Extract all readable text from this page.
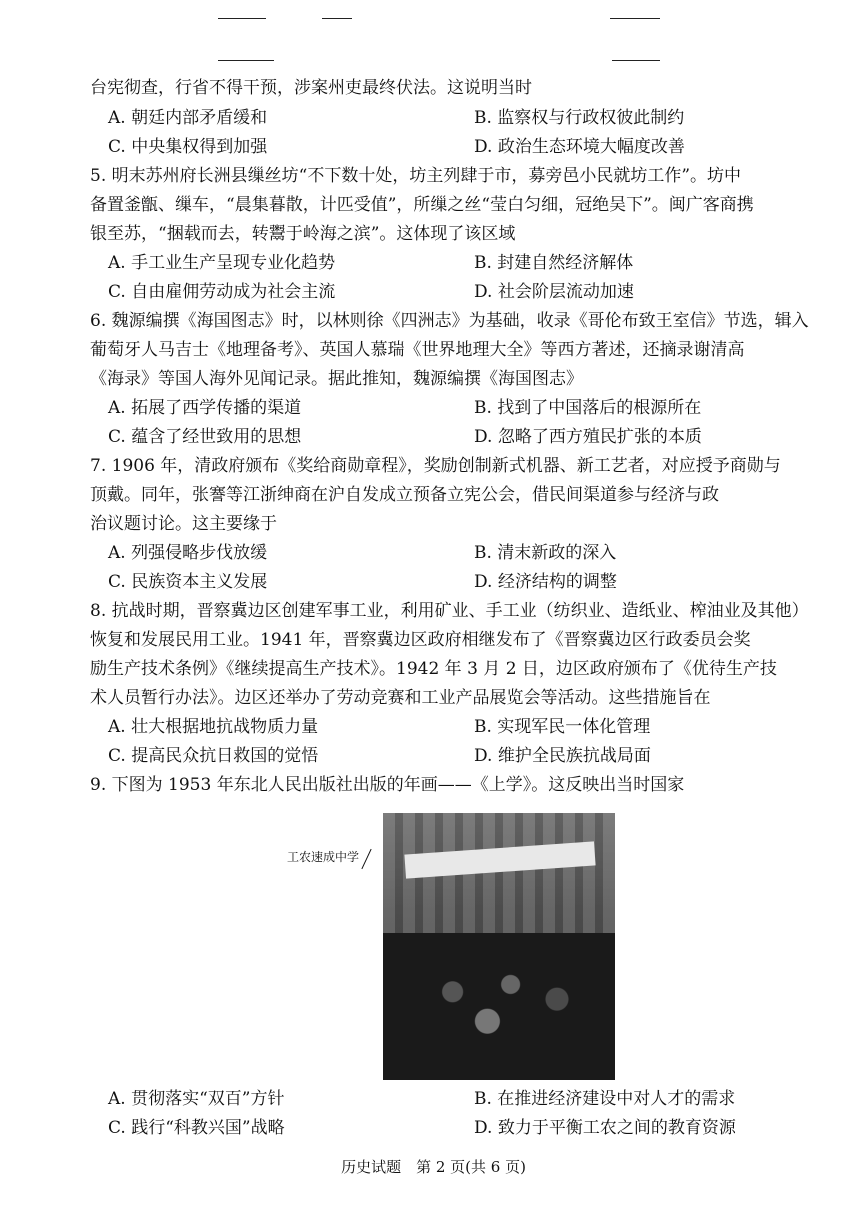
台宪彻查，行省不得干预，涉案州吏最终伏法。这说明当时
A. 朝廷内部矛盾缓和	B. 监察权与行政权彼此制约
C. 中央集权得到加强	D. 政治生态环境大幅度改善
5. 明末苏州府长洲县缫丝坊“不下数十处，坊主列肆于市，募旁邑小民就坊工作”。坊中
备置釜甑、缫车，“晨集暮散，计匹受值”，所缫之丝“莹白匀细，冠绝吴下”。闽广客商携
银至苏，“捆载而去，转鬻于岭海之滨”。这体现了该区域
A. 手工业生产呈现专业化趋势	B. 封建自然经济解体
C. 自由雇佣劳动成为社会主流	D. 社会阶层流动加速
6. 魏源编撰《海国图志》时，以林则徐《四洲志》为基础，收录《哥伦布致王室信》节选，辑入
葡萄牙人马吉士《地理备考》、英国人慕瑞《世界地理大全》等西方著述，还摘录谢清高
《海录》等国人海外见闻记录。据此推知，魏源编撰《海国图志》
A. 拓展了西学传播的渠道	B. 找到了中国落后的根源所在
C. 蕴含了经世致用的思想	D. 忽略了西方殖民扩张的本质
7. 1906 年，清政府颁布《奖给商勋章程》，奖励创制新式机器、新工艺者，对应授予商勋与
顶戴。同年，张謇等江浙绅商在沪自发成立预备立宪公会，借民间渠道参与经济与政
治议题讨论。这主要缘于
A. 列强侵略步伐放缓	B. 清末新政的深入
C. 民族资本主义发展	D. 经济结构的调整
8. 抗战时期，晋察冀边区创建军事工业，利用矿业、手工业（纺织业、造纸业、榨油业及其他）
恢复和发展民用工业。1941 年，晋察冀边区政府相继发布了《晋察冀边区行政委员会奖
励生产技术条例》《继续提高生产技术》。1942 年 3 月 2 日，边区政府颁布了《优待生产技
术人员暂行办法》。边区还举办了劳动竞赛和工业产品展览会等活动。这些措施旨在
A. 壮大根据地抗战物质力量	B. 实现军民一体化管理
C. 提高民众抗日救国的觉悟	D. 维护全民族抗战局面
9. 下图为 1953 年东北人民出版社出版的年画——《上学》。这反映出当时国家
工农速成中学
A. 贯彻落实“双百”方针	B. 在推进经济建设中对人才的需求
C. 践行“科教兴国”战略	D. 致力于平衡工农之间的教育资源
历史试题　第 2 页(共 6 页)
